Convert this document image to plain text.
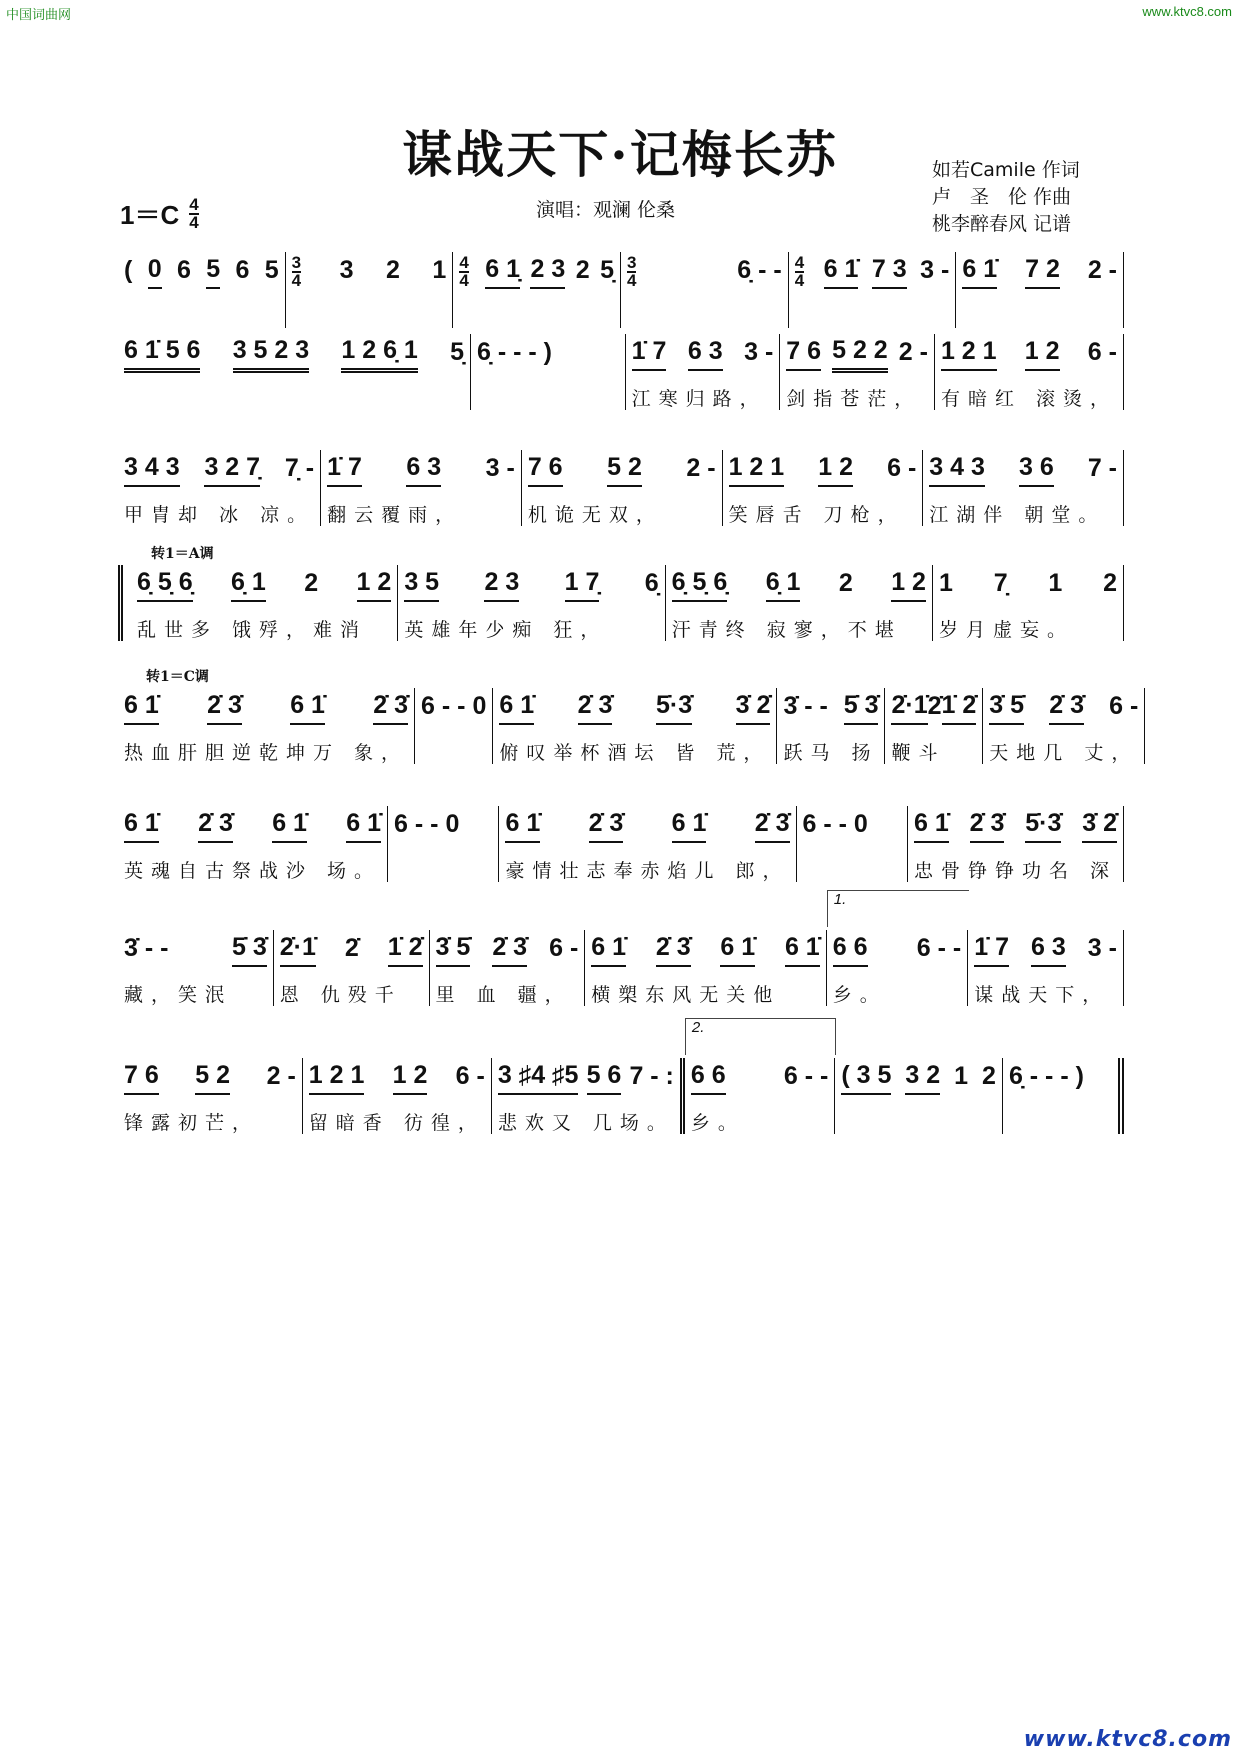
中国词曲网	www.ktvc8.com
谋战天下·记梅长苏	如若Camile 作词
卢　圣　伦 作曲
桃李醉春风 记谱
1＝C 4
4
演唱：观澜 伦桑
( 0 6 5 6 5 3
4 3 2 1 4
4 6 1̣ 2 3 2 5̣ 3
4	6̣ - - 4
4 6 1̇ 7 3 3 - 6 1̇ 7 2 2 -
6 1̇ 5 6 3 5 2 3 1 2 6̣ 1 5̣ 6̣ - - - )	1̇ 7 6 3 3 -
江寒归路，
7 6 5 2 2 2 -
剑指苍茫，
1 2 1 1 2 6 -
有暗红 滚烫，
3 4 3 3 2 7̣ 7̣ -
甲胄却 冰 凉。
1̇ 7 6 3 3 -
翻云覆雨，
7 6 5 2 2 -
机诡无双，
1 2 1 1 2 6 -
笑唇舌 刀枪，
3 4 3 3 6 7 -
江湖伴 朝堂。
转1＝A调
6̣ 5̣ 6̣ 6̣ 1 2 1 2
乱世多 饿殍，难消
3 5 2 3 1 7̣ 6̣
英雄年少痴 狂，
6̣ 5̣ 6̣ 6̣ 1 2 1 2
汗青终 寂寥，不堪
1 7̣ 1 2
岁月虚妄。
转1＝C调
6 1̇ 2̇ 3̇ 6 1̇ 2̇ 3̇
热血肝胆逆乾坤万 象，
6 - - 0 6 1̇ 2̇ 3̇ 5̇·3̇ 3̇ 2̇
俯叹举杯酒坛 皆 荒，
3̇ - - 5̇ 3̇
跃马 扬
2̇·1̇ 2̇ 1̇ 2̇
鞭斗
3̇ 5̇ 2̇ 3̇ 6 -
天地几 丈，
6 1̇ 2̇ 3̇ 6 1̇ 6 1̇
英魂自古祭战沙 场。
6 - - 0 6 1̇ 2̇ 3̇ 6 1̇ 2̇ 3̇
豪情壮志奉赤焰儿 郎，
6 - - 0 6 1̇ 2̇ 3̇ 5̇·3̇ 3̇ 2̇
忠骨铮铮功名 深
3̇ - -	5̇ 3̇
藏，笑泯
2̇·1̇ 2̇ 1̇ 2̇
恩 仇殁千
3̇ 5̇ 2̇ 3̇ 6 -
里 血 疆，
6 1̇ 2̇ 3̇ 6 1̇ 6 1̇
横槊东风无关他
1.
6 6 6 - -
乡。
1̇ 7 6 3 3 -
谋战天下，
7 6 5 2 2 -
锋露初芒，
1 2 1 1 2 6 -
留暗香 彷徨，
3 ♯4 ♯5 5 6 7 - :
悲欢又 几场。
2.
6 6 6 - -
乡。
( 3 5 3 2 1 2 6̣ - - - )
www.ktvc8.com
